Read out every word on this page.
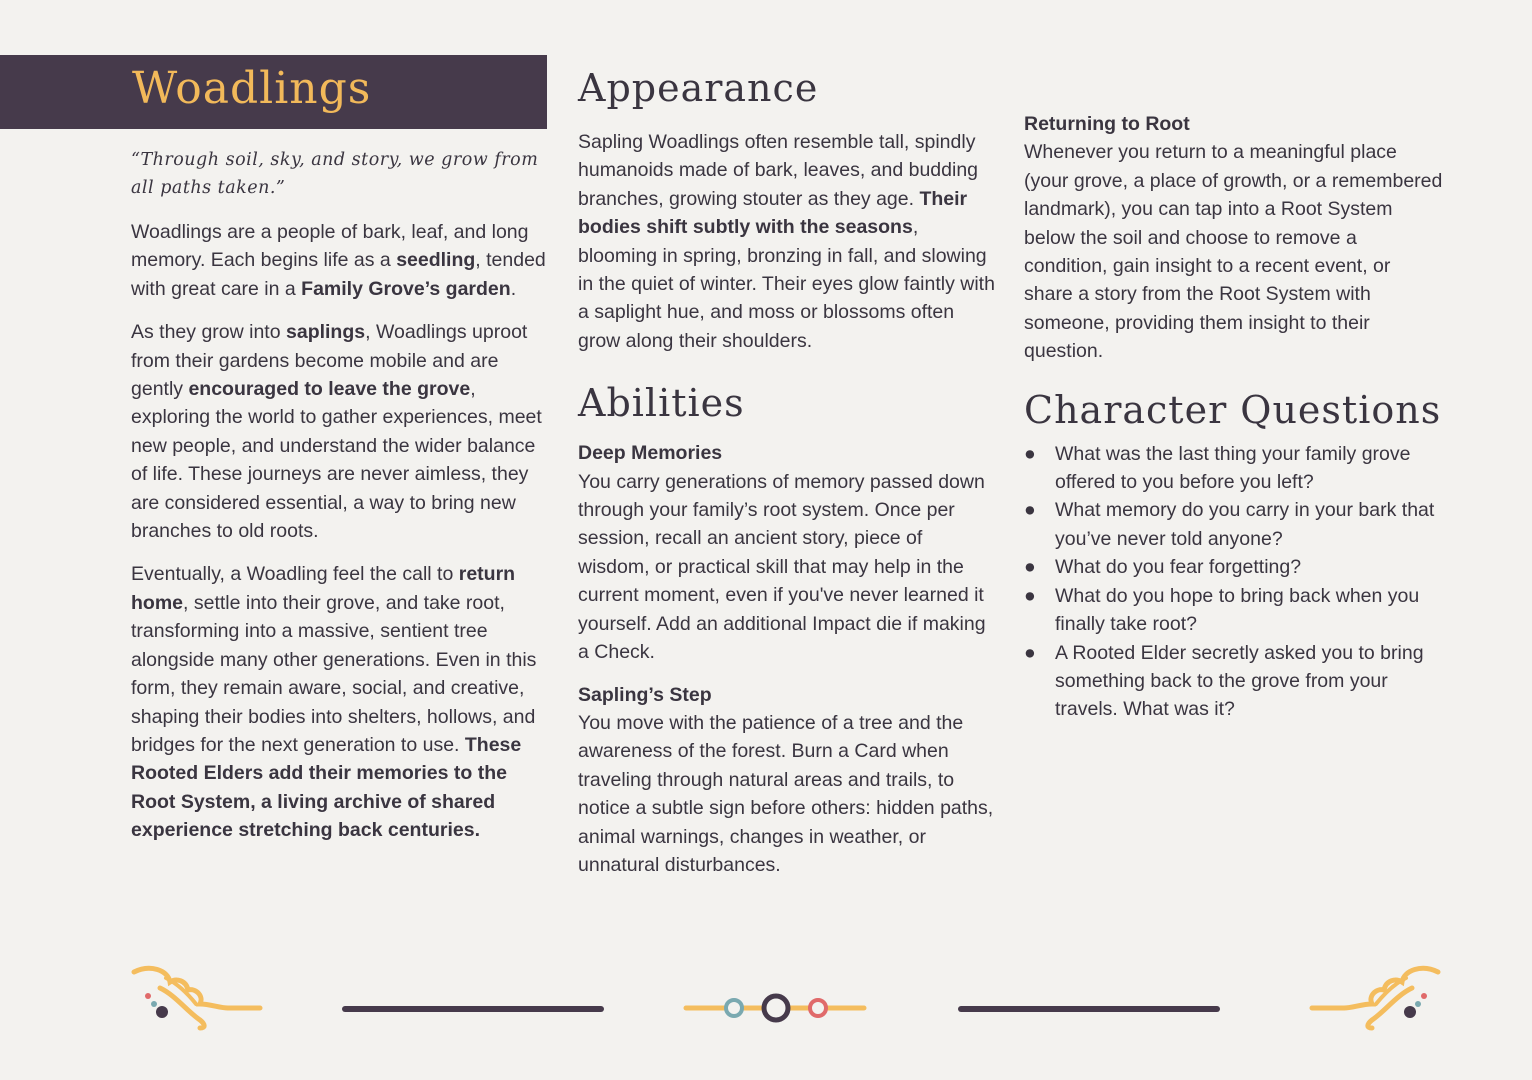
Woadlings

“Through soil, sky, and story, we grow from all paths taken.”

Woadlings are a people of bark, leaf, and long memory. Each begins life as a seedling, tended with great care in a Family Grove’s garden.

As they grow into saplings, Woadlings uproot from their gardens become mobile and are gently encouraged to leave the grove, exploring the world to gather experiences, meet new people, and understand the wider balance of life. These journeys are never aimless, they are considered essential, a way to bring new branches to old roots.

Eventually, a Woadling feel the call to return home, settle into their grove, and take root, transforming into a massive, sentient tree alongside many other generations. Even in this form, they remain aware, social, and creative, shaping their bodies into shelters, hollows, and bridges for the next generation to use. These Rooted Elders add their memories to the Root System, a living archive of shared experience stretching back centuries.

Appearance

Sapling Woadlings often resemble tall, spindly humanoids made of bark, leaves, and budding branches, growing stouter as they age. Their bodies shift subtly with the seasons, blooming in spring, bronzing in fall, and slowing in the quiet of winter. Their eyes glow faintly with a saplight hue, and moss or blossoms often grow along their shoulders.

Abilities
Deep Memories

You carry generations of memory passed down through your family’s root system. Once per session, recall an ancient story, piece of wisdom, or practical skill that may help in the current moment, even if you've never learned it yourself. Add an additional Impact die if making a Check.

Sapling’s Step

You move with the patience of a tree and the awareness of the forest. Burn a Card when traveling through natural areas and trails, to notice a subtle sign before others: hidden paths, animal warnings, changes in weather, or unnatural disturbances.

Returning to Root

Whenever you return to a meaningful place (your grove, a place of growth, or a remembered landmark), you can tap into a Root System below the soil and choose to remove a condition, gain insight to a recent event, or share a story from the Root System with someone, providing them insight to their question.

Character Questions
● What was the last thing your family grove offered to you before you left?
● What memory do you carry in your bark that you’ve never told anyone?
● What do you fear forgetting?
● What do you hope to bring back when you finally take root?
● A Rooted Elder secretly asked you to bring something back to the grove from your travels. What was it?
